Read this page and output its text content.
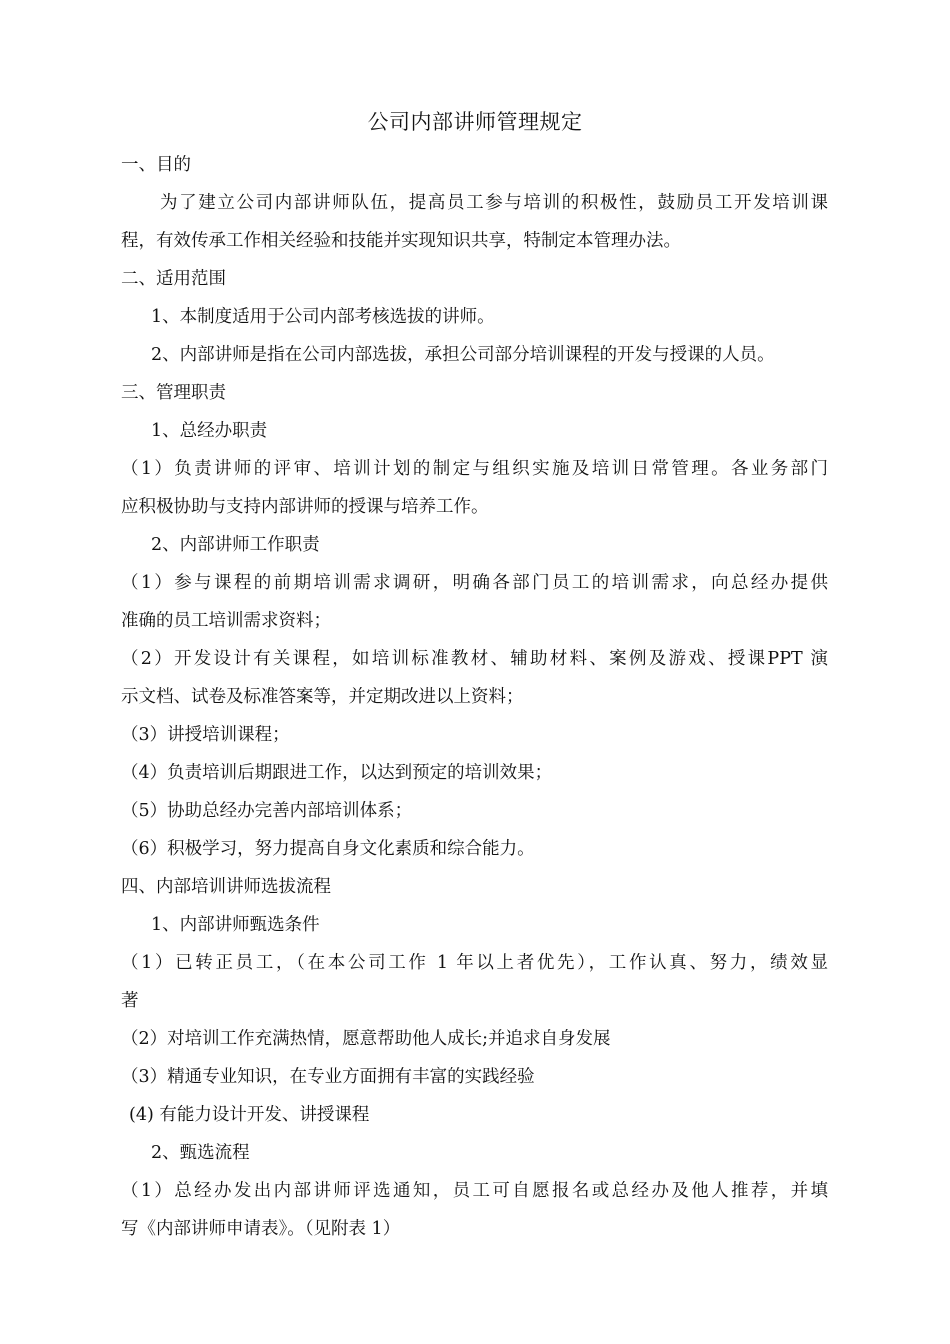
公司内部讲师管理规定
一、目的
为了建立公司内部讲师队伍，提高员工参与培训的积极性，鼓励员工开发培训课
程，有效传承工作相关经验和技能并实现知识共享，特制定本管理办法。
二、适用范围
1、本制度适用于公司内部考核选拔的讲师。
2、内部讲师是指在公司内部选拔，承担公司部分培训课程的开发与授课的人员。
三、管理职责
1、总经办职责
（1）负责讲师的评审、培训计划的制定与组织实施及培训日常管理。各业务部门
应积极协助与支持内部讲师的授课与培养工作。
2、内部讲师工作职责
（1）参与课程的前期培训需求调研，明确各部门员工的培训需求，向总经办提供
准确的员工培训需求资料；
（2）开发设计有关课程，如培训标准教材、辅助材料、案例及游戏、授课PPT 演
示文档、试卷及标准答案等，并定期改进以上资料；
（3）讲授培训课程；
（4）负责培训后期跟进工作，以达到预定的培训效果；
（5）协助总经办完善内部培训体系；
（6）积极学习，努力提高自身文化素质和综合能力。
四、内部培训讲师选拔流程
1、内部讲师甄选条件
（1）已转正员工，（在本公司工作 1 年以上者优先），工作认真、努力，绩效显
著
（2）对培训工作充满热情，愿意帮助他人成长;并追求自身发展
（3）精通专业知识，在专业方面拥有丰富的实践经验
(4) 有能力设计开发、讲授课程
2、甄选流程
（1）总经办发出内部讲师评选通知，员工可自愿报名或总经办及他人推荐，并填
写《内部讲师申请表》。（见附表 1）
